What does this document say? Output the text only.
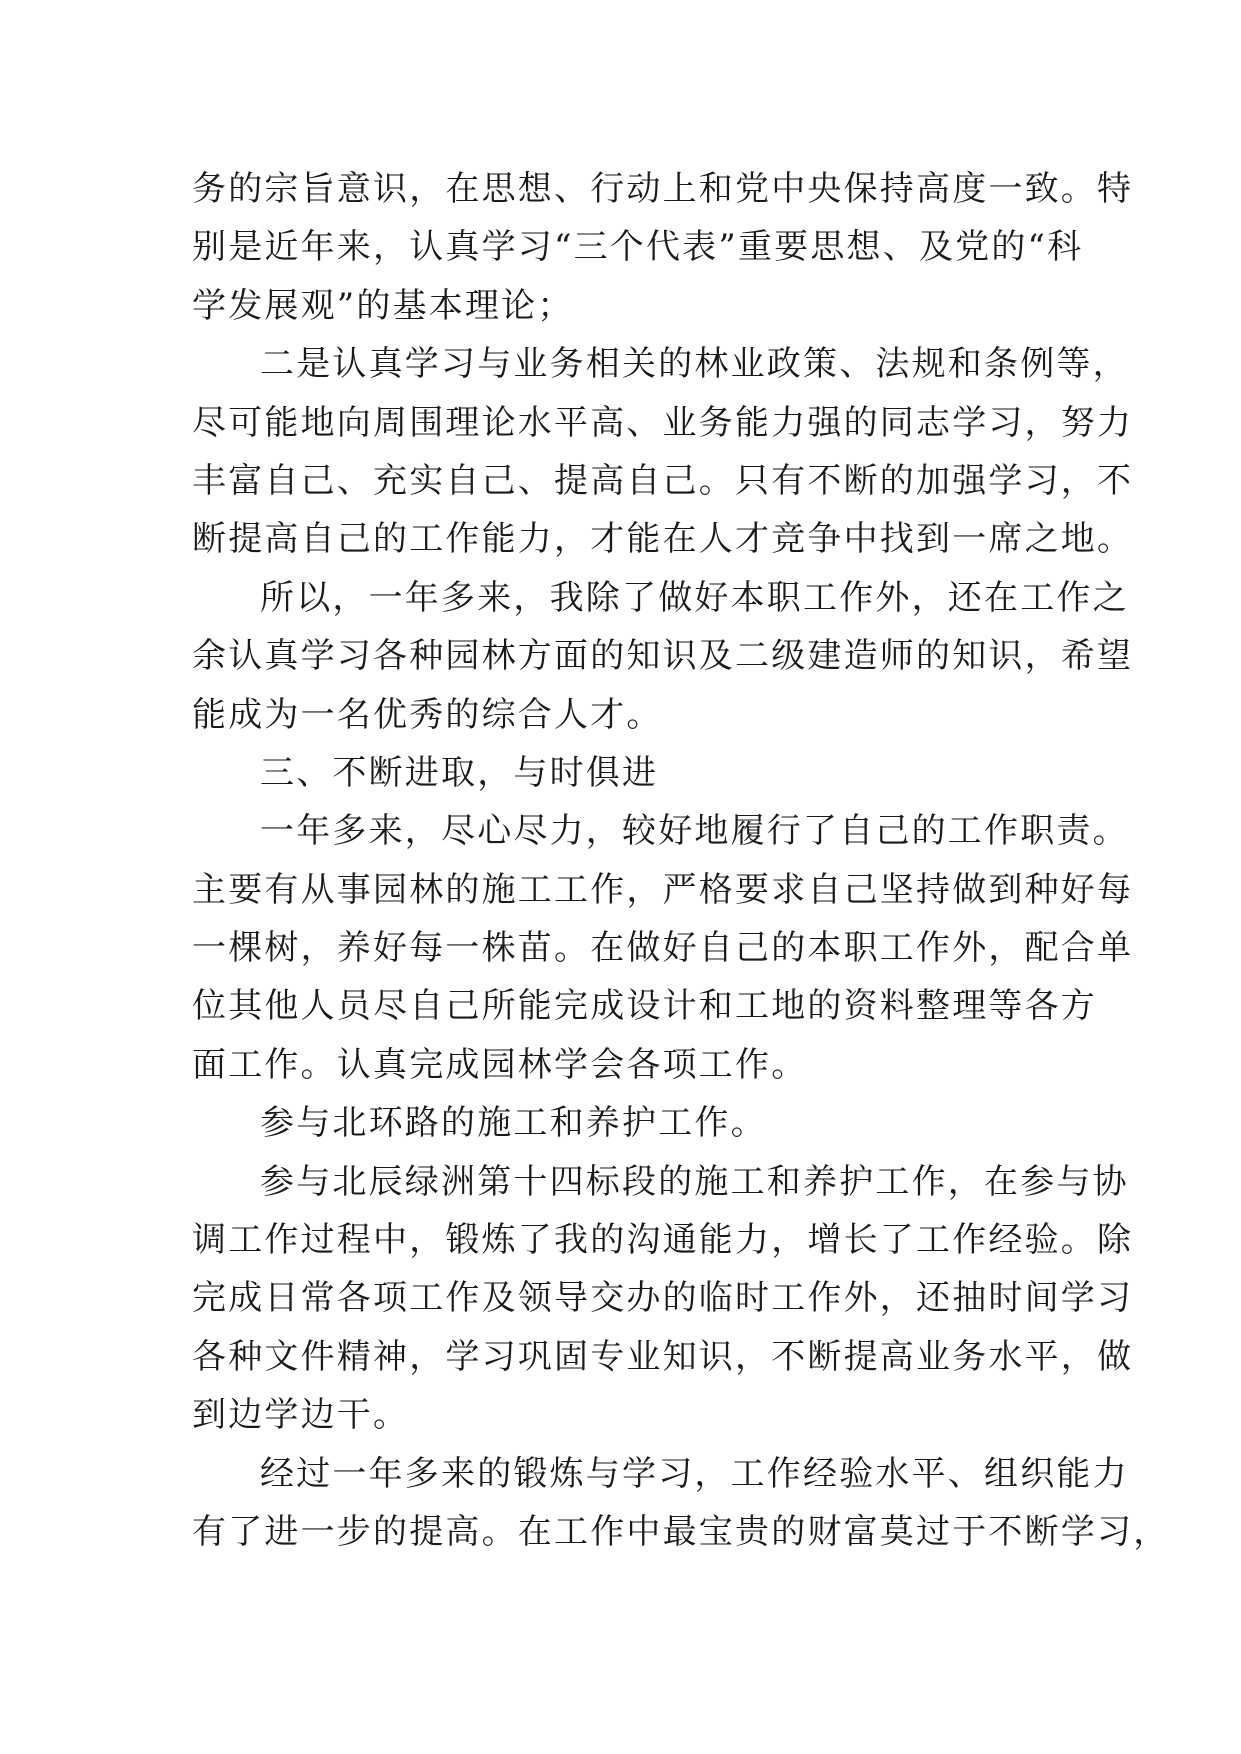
务的宗旨意识，在思想、行动上和党中央保持高度一致。特
别是近年来，认真学习“三个代表”重要思想、及党的“科
学发展观”的基本理论；
二是认真学习与业务相关的林业政策、法规和条例等，
尽可能地向周围理论水平高、业务能力强的同志学习，努力
丰富自己、充实自己、提高自己。只有不断的加强学习，不
断提高自己的工作能力，才能在人才竞争中找到一席之地。
所以，一年多来，我除了做好本职工作外，还在工作之
余认真学习各种园林方面的知识及二级建造师的知识，希望
能成为一名优秀的综合人才。
三、不断进取，与时俱进
一年多来，尽心尽力，较好地履行了自己的工作职责。
主要有从事园林的施工工作，严格要求自己坚持做到种好每
一棵树，养好每一株苗。在做好自己的本职工作外，配合单
位其他人员尽自己所能完成设计和工地的资料整理等各方
面工作。认真完成园林学会各项工作。
参与北环路的施工和养护工作。
参与北辰绿洲第十四标段的施工和养护工作，在参与协
调工作过程中，锻炼了我的沟通能力，增长了工作经验。除
完成日常各项工作及领导交办的临时工作外，还抽时间学习
各种文件精神，学习巩固专业知识，不断提高业务水平，做
到边学边干。
经过一年多来的锻炼与学习，工作经验水平、组织能力
有了进一步的提高。在工作中最宝贵的财富莫过于不断学习，
